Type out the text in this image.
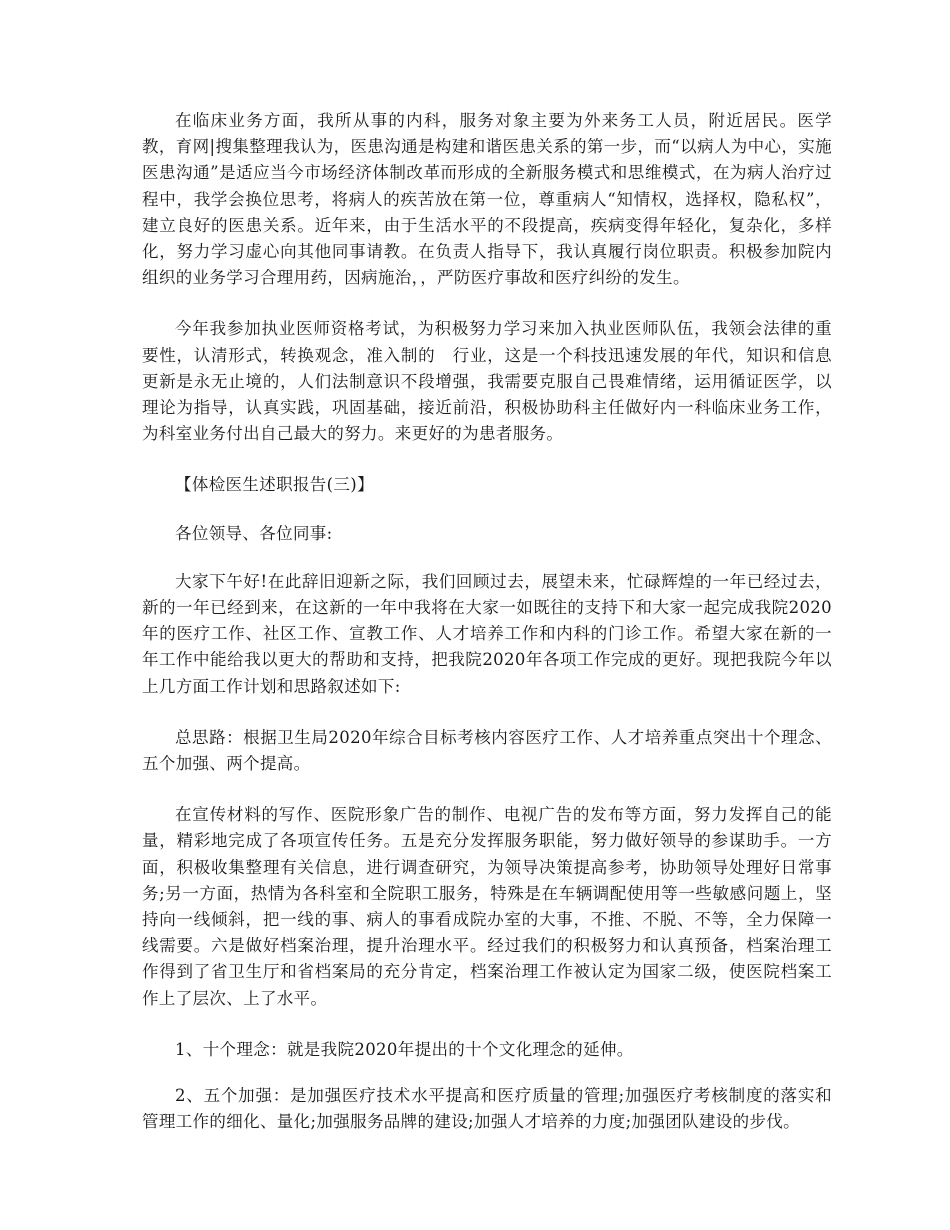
在临床业务方面，我所从事的内科，服务对象主要为外来务工人员，附近居民。医学教，育网|搜集整理我认为，医患沟通是构建和谐医患关系的第一步，而“以病人为中心，实施医患沟通”是适应当今市场经济体制改革而形成的全新服务模式和思维模式，在为病人治疗过程中，我学会换位思考，将病人的疾苦放在第一位，尊重病人“知情权，选择权，隐私权”，建立良好的医患关系。近年来，由于生活水平的不段提高，疾病变得年轻化，复杂化，多样化，努力学习虚心向其他同事请教。在负责人指导下，我认真履行岗位职责。积极参加院内组织的业务学习合理用药，因病施治，，严防医疗事故和医疗纠纷的发生。

今年我参加执业医师资格考试，为积极努力学习来加入执业医师队伍，我领会法律的重要性，认清形式，转换观念，准入制的　行业，这是一个科技迅速发展的年代，知识和信息更新是永无止境的，人们法制意识不段增强，我需要克服自己畏难情绪，运用循证医学，以理论为指导，认真实践，巩固基础，接近前沿，积极协助科主任做好内一科临床业务工作，为科室业务付出自己最大的努力。来更好的为患者服务。

【体检医生述职报告(三)】

各位领导、各位同事:

大家下午好!在此辞旧迎新之际，我们回顾过去，展望未来，忙碌辉煌的一年已经过去，新的一年已经到来，在这新的一年中我将在大家一如既往的支持下和大家一起完成我院2020年的医疗工作、社区工作、宣教工作、人才培养工作和内科的门诊工作。希望大家在新的一年工作中能给我以更大的帮助和支持，把我院2020年各项工作完成的更好。现把我院今年以上几方面工作计划和思路叙述如下:

总思路：根据卫生局2020年综合目标考核内容医疗工作、人才培养重点突出十个理念、五个加强、两个提高。

在宣传材料的写作、医院形象广告的制作、电视广告的发布等方面，努力发挥自己的能量，精彩地完成了各项宣传任务。五是充分发挥服务职能，努力做好领导的参谋助手。一方面，积极收集整理有关信息，进行调查研究，为领导决策提高参考，协助领导处理好日常事务;另一方面，热情为各科室和全院职工服务，特殊是在车辆调配使用等一些敏感问题上，坚持向一线倾斜，把一线的事、病人的事看成院办室的大事，不推、不脱、不等，全力保障一线需要。六是做好档案治理，提升治理水平。经过我们的积极努力和认真预备，档案治理工作得到了省卫生厅和省档案局的充分肯定，档案治理工作被认定为国家二级，使医院档案工作上了层次、上了水平。

1、十个理念：就是我院2020年提出的十个文化理念的延伸。

2、五个加强：是加强医疗技术水平提高和医疗质量的管理;加强医疗考核制度的落实和管理工作的细化、量化;加强服务品牌的建设;加强人才培养的力度;加强团队建设的步伐。
